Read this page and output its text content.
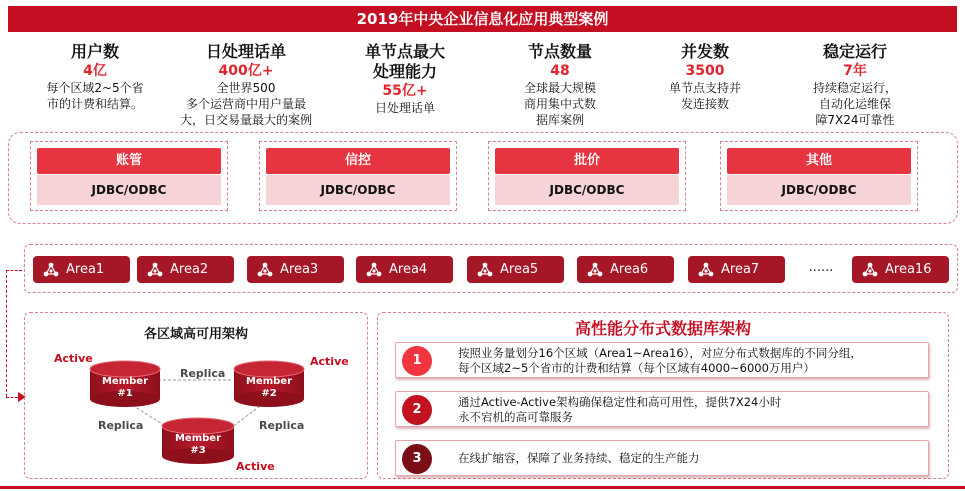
2019年中央企业信息化应用典型案例
用户数
4亿
每个区域2~5个省
市的计费和结算。
日处理话单
400亿+
全世界500
多个运营商中用户量最
大，日交易量最大的案例
单节点最大
处理能力
55亿+
日处理话单
节点数量
48
全球最大规模
商用集中式数
据库案例
并发数
3500
单节点支持并
发连接数
稳定运行
7年
持续稳定运行，
自动化运维保
障7X24可靠性
账管
JDBC/ODBC
信控
JDBC/ODBC
批价
JDBC/ODBC
其他
JDBC/ODBC
Area1	Area2	Area3	Area4	Area5	Area6	Area7	......	Area16
各区域高可用架构
Member
#1
Member
#2
Member
#3
Active	Active
Active
Replica
Replica	Replica
高性能分布式数据库架构
1	按照业务量划分16个区域（Area1~Area16），对应分布式数据库的不同分组，
每个区域2~5个省市的计费和结算（每个区域有4000~6000万用户）
2	通过Active-Active架构确保稳定性和高可用性，提供7X24小时
永不宕机的高可靠服务
3	在线扩缩容，保障了业务持续、稳定的生产能力
